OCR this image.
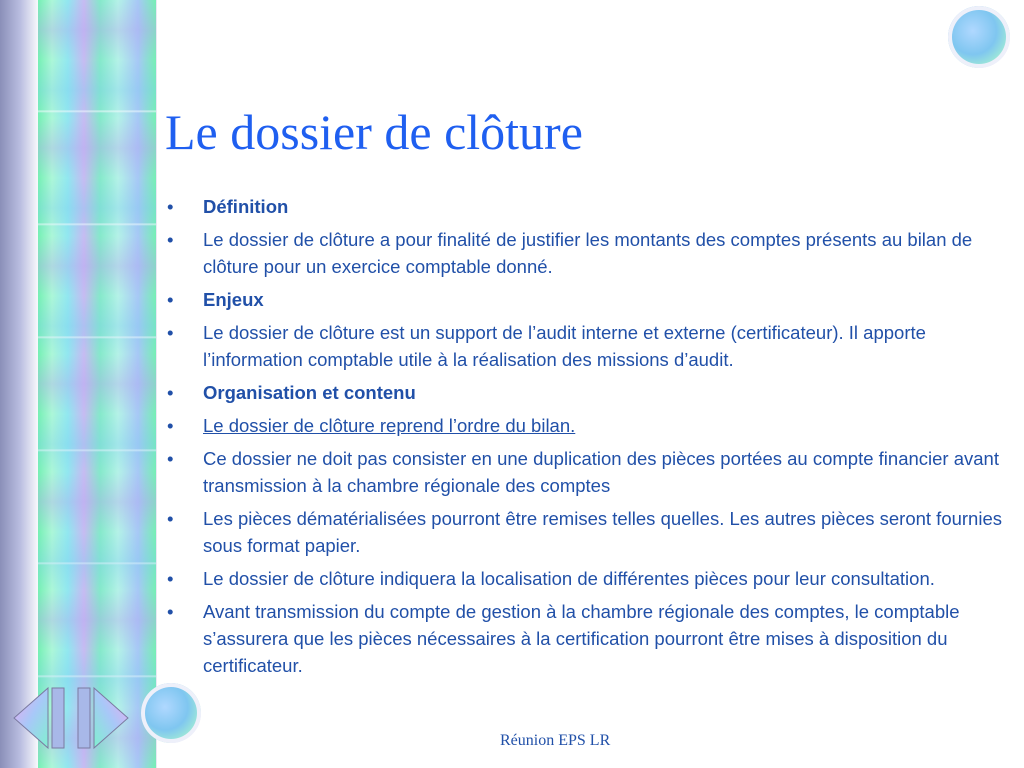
Le dossier de clôture
• Définition
• Le dossier de clôture a pour finalité de justifier les montants des comptes présents au bilan de clôture pour un exercice comptable donné.
• Enjeux
• Le dossier de clôture est un support de l’audit interne et externe (certificateur). Il apporte l’information comptable utile à la réalisation des missions d’audit.
• Organisation et contenu
• Le dossier de clôture reprend l’ordre du bilan.
• Ce dossier ne doit pas consister en une duplication des pièces portées au compte financier avant transmission à la chambre régionale des comptes
• Les pièces dématérialisées pourront être remises telles quelles. Les autres pièces seront fournies sous format papier.
• Le dossier de clôture indiquera la localisation de différentes pièces pour leur consultation.
• Avant transmission du compte de gestion à la chambre régionale des comptes, le comptable s’assurera que les pièces nécessaires à la certification pourront être mises à disposition du certificateur.
Réunion EPS LR
